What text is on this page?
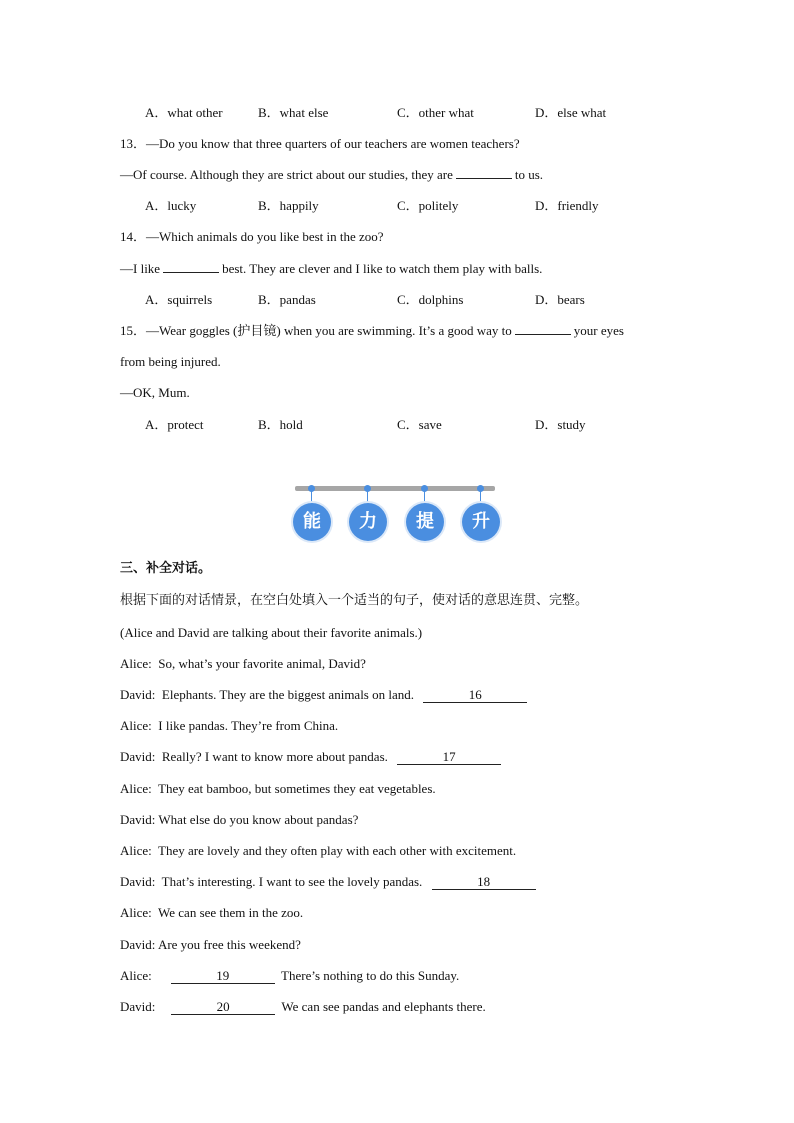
A．what other	B．what else	C．other what	D．else what
13．—Do you know that three quarters of our teachers are women teachers?
—Of course. Although they are strict about our studies, they are	to us.
A．lucky	B．happily	C．politely	D．friendly
14．—Which animals do you like best in the zoo?
—I like	best. They are clever and I like to watch them play with balls.
A．squirrels	B．pandas	C．dolphins	D．bears
15．—Wear goggles (护目镜) when you are swimming. It’s a good way to	your eyes
from being injured.
—OK, Mum.
A．protect	B．hold	C．save	D．study
能	力	提	升
三、补全对话。
根据下面的对话情景，在空白处填入一个适当的句子，使对话的意思连贯、完整。
(Alice and David are talking about their favorite animals.)
Alice: So, what’s your favorite animal, David?
David: Elephants. They are the biggest animals on land.	16
Alice: I like pandas. They’re from China.
David: Really? I want to know more about pandas.	17
Alice: They eat bamboo, but sometimes they eat vegetables.
David: What else do you know about pandas?
Alice: They are lovely and they often play with each other with excitement.
David: That’s interesting. I want to see the lovely pandas.	18
Alice: We can see them in the zoo.
David: Are you free this weekend?
Alice:	19	There’s nothing to do this Sunday.
David:	20	We can see pandas and elephants there.
